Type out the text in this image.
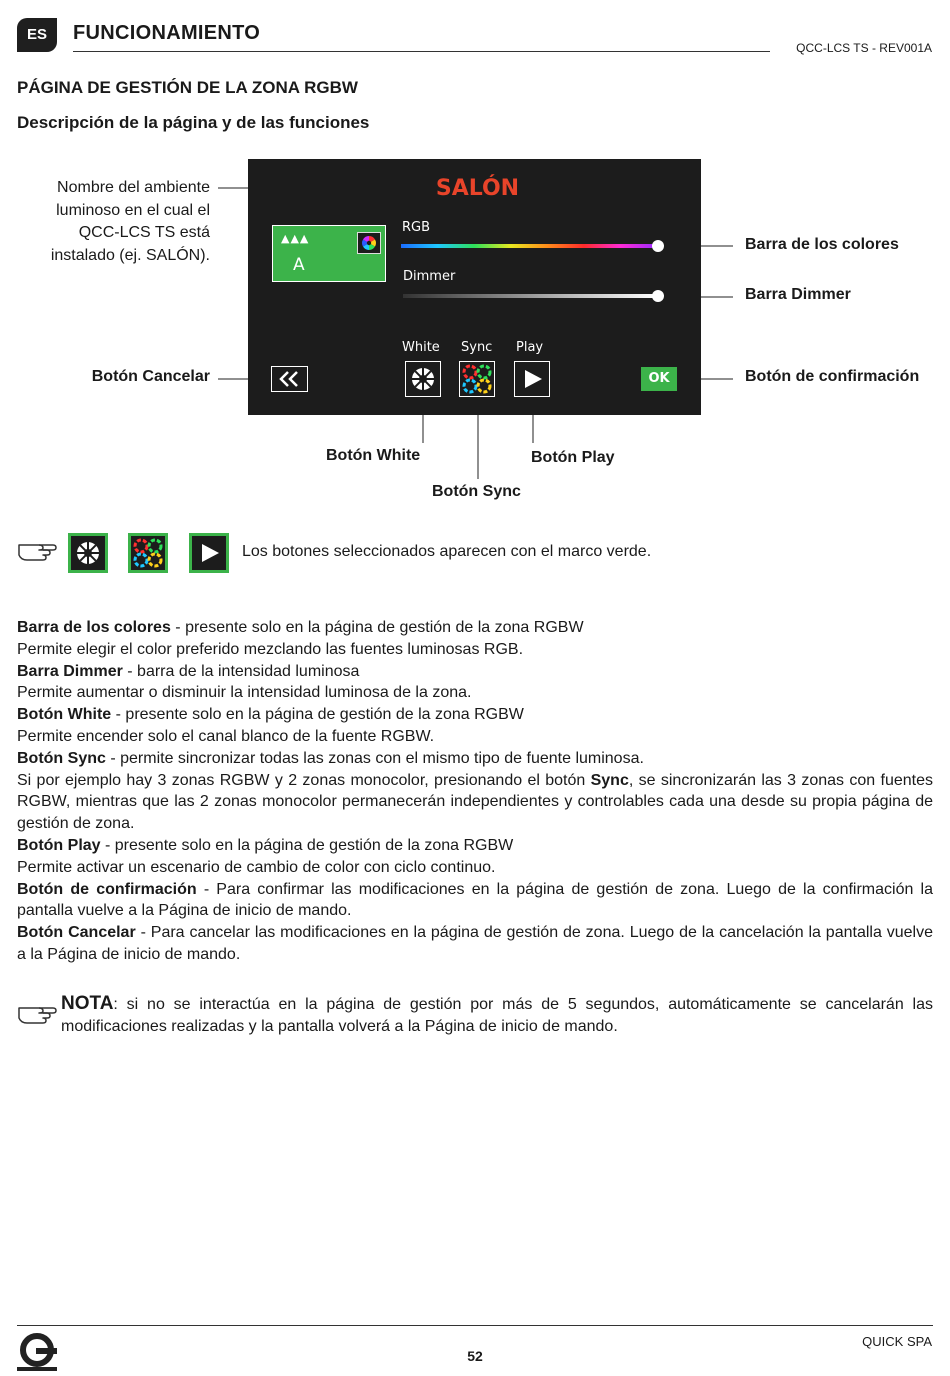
ES	FUNCIONAMIENTO
QCC-LCS TS - REV001A
PÁGINA DE GESTIÓN DE LA ZONA RGBW
Descripción de la página y de las funciones
SALÓN
▲▲▲
A
RGB
Dimmer
White Sync Play
OK
Nombre del ambiente luminoso en el cual el QCC-LCS TS está instalado (ej. SALÓN).
Barra de los colores
Barra Dimmer
Botón Cancelar	Botón de confirmación
Botón White	Botón Play
Botón Sync
Los botones seleccionados aparecen con el marco verde.

Barra de los colores - presente solo en la página de gestión de la zona RGBW

Permite elegir el color preferido mezclando las fuentes luminosas RGB.

Barra Dimmer - barra de la intensidad luminosa

Permite aumentar o disminuir la intensidad luminosa de la zona.

Botón White - presente solo en la página de gestión de la zona RGBW

Permite encender solo el canal blanco de la fuente RGBW.

Botón Sync - permite sincronizar todas las zonas con el mismo tipo de fuente luminosa.

Si por ejemplo hay 3 zonas RGBW y 2 zonas monocolor, presionando el botón Sync, se sincronizarán las 3 zonas con fuentes RGBW, mientras que las 2 zonas monocolor permanecerán independientes y controlables cada una desde su propia página de gestión de zona.

Botón Play - presente solo en la página de gestión de la zona RGBW

Permite activar un escenario de cambio de color con ciclo continuo.

Botón de confirmación - Para confirmar las modificaciones en la página de gestión de zona. Luego de la confirmación la pantalla vuelve a la Página de inicio de mando.

Botón Cancelar - Para cancelar las modificaciones en la página de gestión de zona. Luego de la cancelación la pantalla vuelve a la Página de inicio de mando.

NOTA: si no se interactúa en la página de gestión por más de 5 segundos, automáticamente se cancelarán las modificaciones realizadas y la pantalla volverá a la Página de inicio de mando.
QUICK SPA
52
